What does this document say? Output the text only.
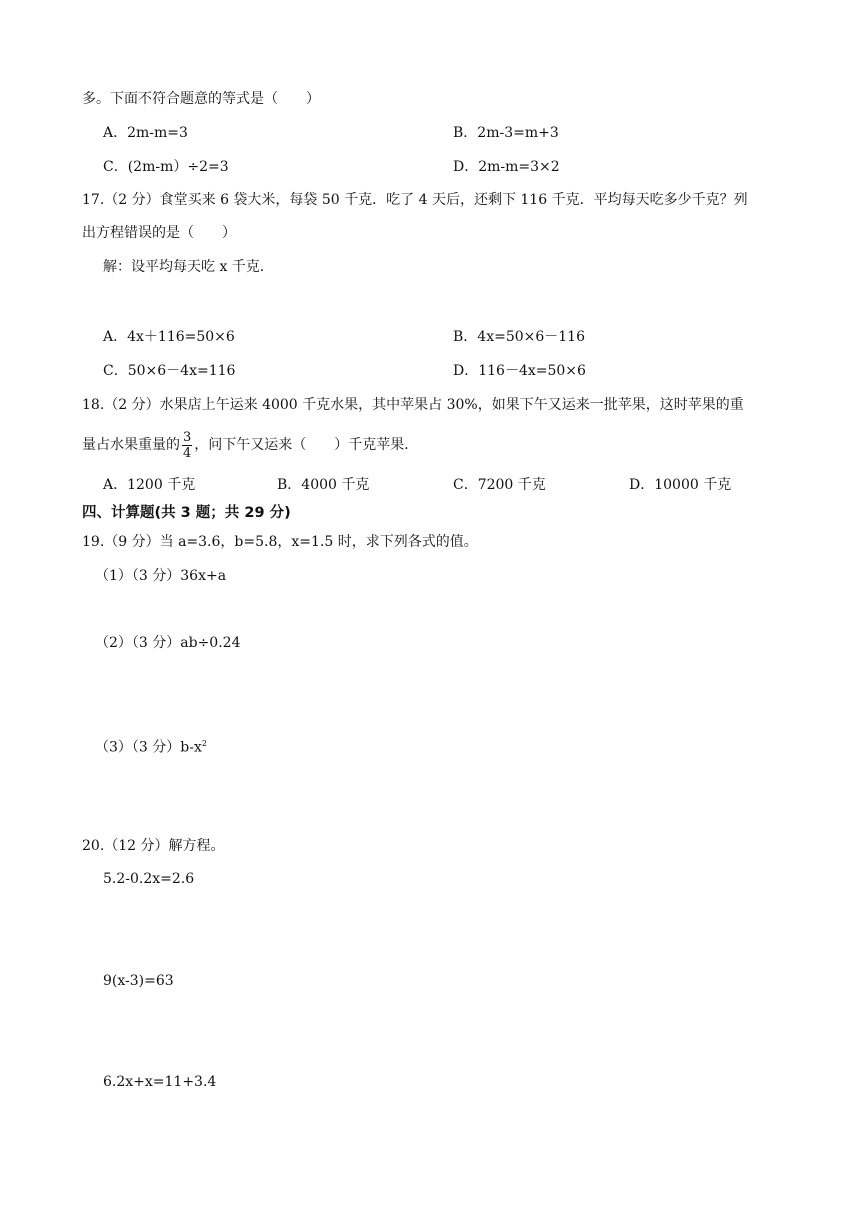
多。下面不符合题意的等式是（　　）
A．2m-m=3	B．2m-3=m+3
C．(2m-m）÷2=3	D．2m-m=3×2
17.（2 分）食堂买来 6 袋大米，每袋 50 千克．吃了 4 天后，还剩下 116 千克．平均每天吃多少千克？列
出方程错误的是（　　）
解：设平均每天吃 x 千克．
A．4x＋116=50×6	B．4x=50×6－116
C．50×6－4x=116	D．116－4x=50×6
18.（2 分）水果店上午运来 4000 千克水果，其中苹果占 30%，如果下午又运来一批苹果，这时苹果的重
量占水果重量的 $\frac{3}{4}$ ，问下午又运来（　　）千克苹果．
A．1200 千克	B．4000 千克	C．7200 千克	D．10000 千克
四、计算题(共 3 题；共 29 分)
19.（9 分）当 a=3.6，b=5.8，x=1.5 时，求下列各式的值。
（1）（3 分）36x+a
（2）（3 分）ab÷0.24
（3）（3 分）$b-x^2$
20.（12 分）解方程。
5.2-0.2x=2.6
9(x-3)=63
6.2x+x=11+3.4
